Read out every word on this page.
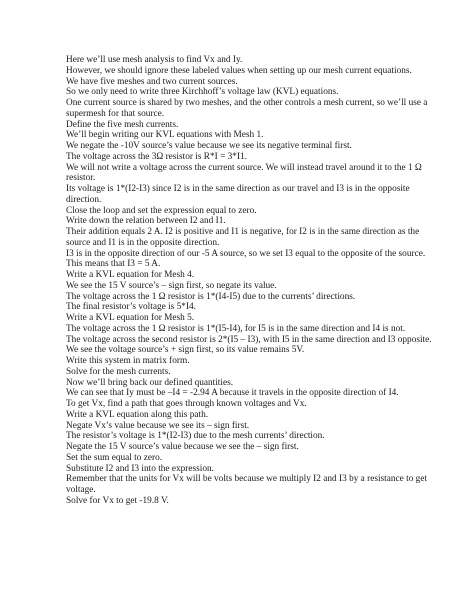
Here we’ll use mesh analysis to find Vx and Iy.
However, we should ignore these labeled values when setting up our mesh current equations.
We have five meshes and two current sources.
So we only need to write three Kirchhoff’s voltage law (KVL) equations.
One current source is shared by two meshes, and the other controls a mesh current, so we’ll use a supermesh for that source.
Define the five mesh currents.
We’ll begin writing our KVL equations with Mesh 1.
We negate the -10V source’s value because we see its negative terminal first.
The voltage across the 3Ω resistor is R*I = 3*I1.
We will not write a voltage across the current source. We will instead travel around it to the 1 Ω resistor.
Its voltage is 1*(I2-I3) since I2 is in the same direction as our travel and I3 is in the opposite direction.
Close the loop and set the expression equal to zero.
Write down the relation between I2 and I1.
Their addition equals 2 A. I2 is positive and I1 is negative, for I2 is in the same direction as the source and I1 is in the opposite direction.
I3 is in the opposite direction of our -5 A source, so we set I3 equal to the opposite of the source. This means that I3 = 5 A.
Write a KVL equation for Mesh 4.
We see the 15 V source’s – sign first, so negate its value.
The voltage across the 1 Ω resistor is 1*(I4-I5) due to the currents’ directions.
The final resistor’s voltage is 5*I4.
Write a KVL equation for Mesh 5.
The voltage across the 1 Ω resistor is 1*(I5-I4), for I5 is in the same direction and I4 is not.
The voltage across the second resistor is 2*(I5 – I3), with I5 in the same direction and I3 opposite.
We see the voltage source’s + sign first, so its value remains 5V.
Write this system in matrix form.
Solve for the mesh currents.
Now we’ll bring back our defined quantities.
We can see that Iy must be –I4 = -2.94 A because it travels in the opposite direction of I4.
To get Vx, find a path that goes through known voltages and Vx.
Write a KVL equation along this path.
Negate Vx’s value because we see its – sign first.
The resistor’s voltage is 1*(I2-I3) due to the mesh currents’ direction.
Negate the 15 V source’s value because we see the – sign first.
Set the sum equal to zero.
Substitute I2 and I3 into the expression.
Remember that the units for Vx will be volts because we multiply I2 and I3 by a resistance to get voltage.
Solve for Vx to get -19.8 V.
